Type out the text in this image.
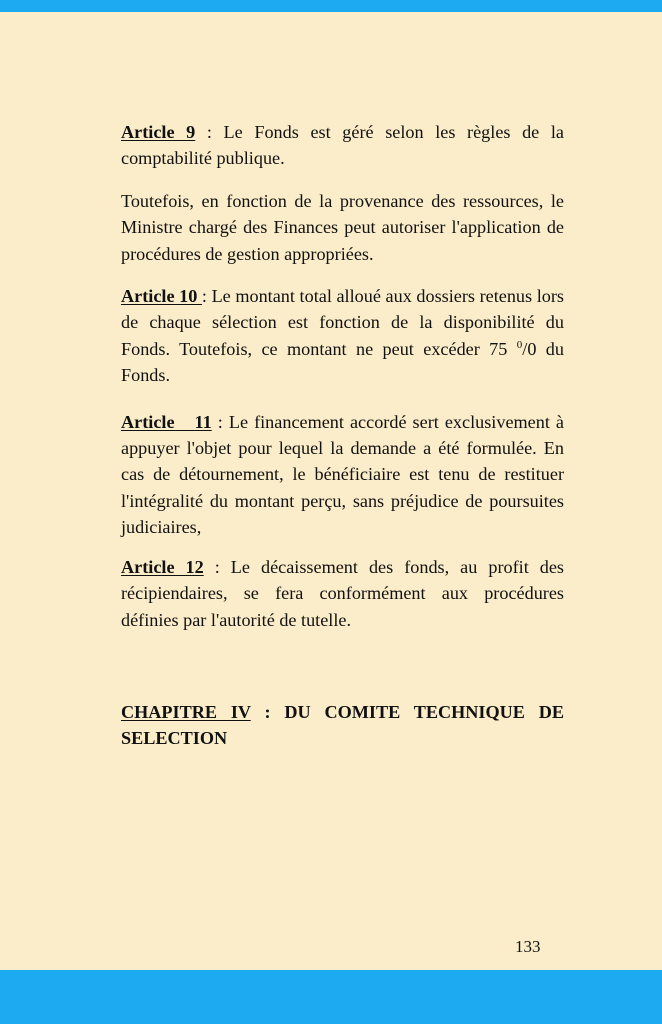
Article 9 : Le Fonds est géré selon les règles de la comptabilité publique.

Toutefois, en fonction de la provenance des ressources, le Ministre chargé des Finances peut autoriser l'application de procédures de gestion appropriées.

Article 10 : Le montant total alloué aux dossiers retenus lors de chaque sélection est fonction de la disponibilité du Fonds. Toutefois, ce montant ne peut excéder 75 $^0$/0 du Fonds.

Article 11 : Le financement accordé sert exclusivement à appuyer l'objet pour lequel la demande a été formulée. En cas de détournement, le bénéficiaire est tenu de restituer l'intégralité du montant perçu, sans préjudice de poursuites judiciaires,

Article 12 : Le décaissement des fonds, au profit des récipiendaires, se fera conformément aux procédures définies par l'autorité de tutelle.

CHAPITRE IV : DU COMITE TECHNIQUE DE SELECTION

133
